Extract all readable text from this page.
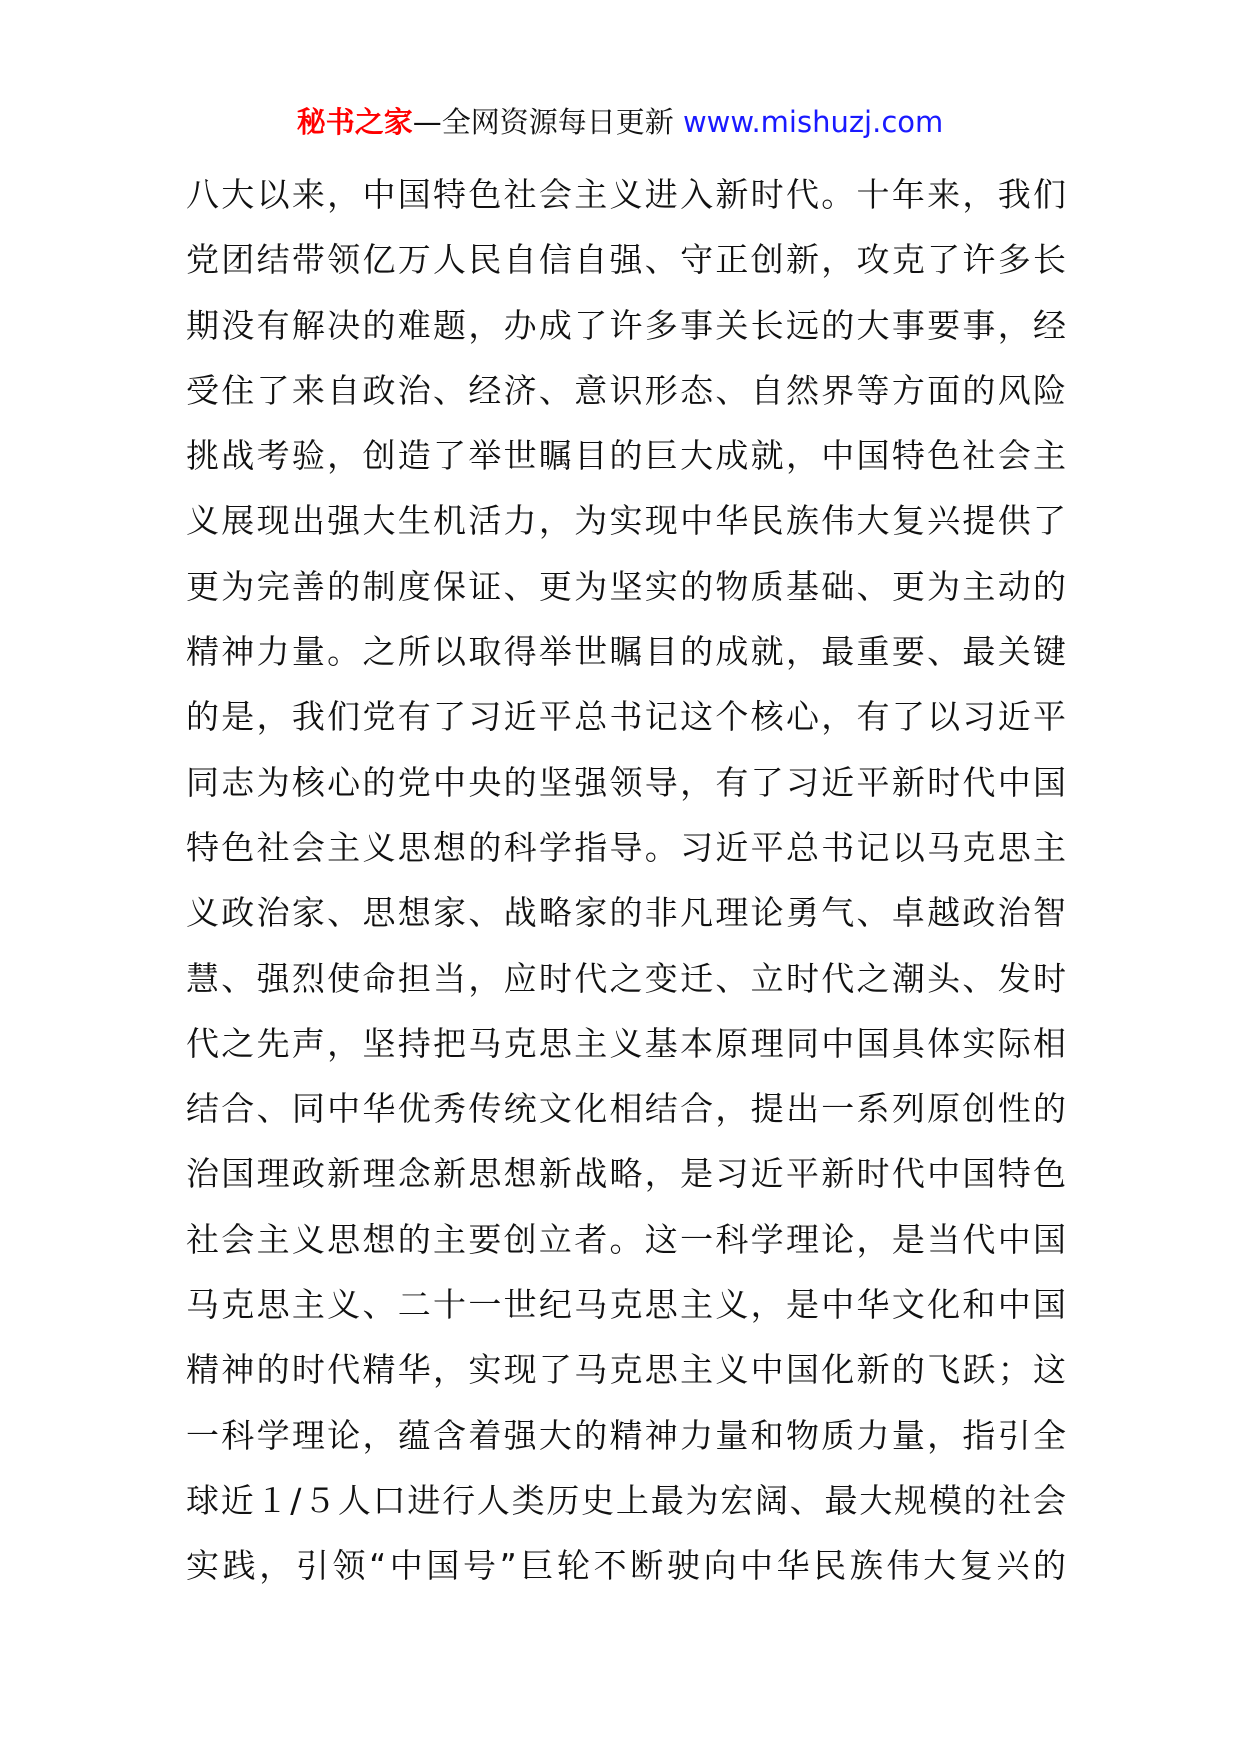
秘书之家—全网资源每日更新 www.mishuzj.com
八大以来，中国特色社会主义进入新时代。十年来，我们
党团结带领亿万人民自信自强、守正创新，攻克了许多长
期没有解决的难题，办成了许多事关长远的大事要事，经
受住了来自政治、经济、意识形态、自然界等方面的风险
挑战考验，创造了举世瞩目的巨大成就，中国特色社会主
义展现出强大生机活力，为实现中华民族伟大复兴提供了
更为完善的制度保证、更为坚实的物质基础、更为主动的
精神力量。之所以取得举世瞩目的成就，最重要、最关键
的是，我们党有了习近平总书记这个核心，有了以习近平
同志为核心的党中央的坚强领导，有了习近平新时代中国
特色社会主义思想的科学指导。习近平总书记以马克思主
义政治家、思想家、战略家的非凡理论勇气、卓越政治智
慧、强烈使命担当，应时代之变迁、立时代之潮头、发时
代之先声，坚持把马克思主义基本原理同中国具体实际相
结合、同中华优秀传统文化相结合，提出一系列原创性的
治国理政新理念新思想新战略，是习近平新时代中国特色
社会主义思想的主要创立者。这一科学理论，是当代中国
马克思主义、二十一世纪马克思主义，是中华文化和中国
精神的时代精华，实现了马克思主义中国化新的飞跃；这
一科学理论，蕴含着强大的精神力量和物质力量，指引全
球近１/５人口进行人类历史上最为宏阔、最大规模的社会
实践，引领“中国号”巨轮不断驶向中华民族伟大复兴的
